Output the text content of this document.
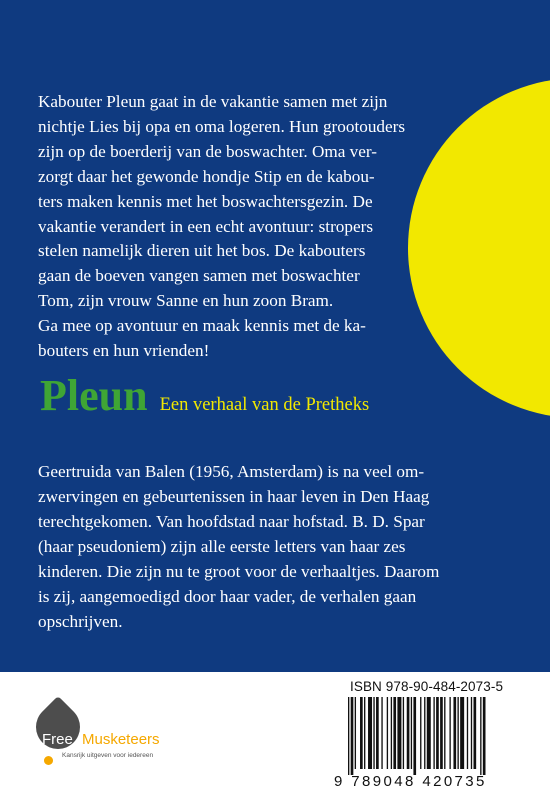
Kabouter Pleun gaat in de vakantie samen met zijn
nichtje Lies bij opa en oma logeren. Hun grootouders
zijn op de boerderij van de boswachter. Oma ver-
zorgt daar het gewonde hondje Stip en de kabou-
ters maken kennis met het boswachtersgezin. De
vakantie verandert in een echt avontuur: stropers
stelen namelijk dieren uit het bos. De kabouters
gaan de boeven vangen samen met boswachter
Tom, zijn vrouw Sanne en hun zoon Bram.
Ga mee op avontuur en maak kennis met de ka-
bouters en hun vrienden!

Pleun Een verhaal van de Pretheks

Geertruida van Balen (1956, Amsterdam) is na veel om-
zwervingen en gebeurtenissen in haar leven in Den Haag
terechtgekomen. Van hoofdstad naar hofstad. B. D. Spar
(haar pseudoniem) zijn alle eerste letters van haar zes
kinderen. Die zijn nu te groot voor de verhaaltjes. Daarom
is zij, aangemoedigd door haar vader, de verhalen gaan
opschrijven.

Free Musketeers
Kansrijk uitgeven voor iedereen
ISBN 978-90-484-2073-5
9 789048 420735
